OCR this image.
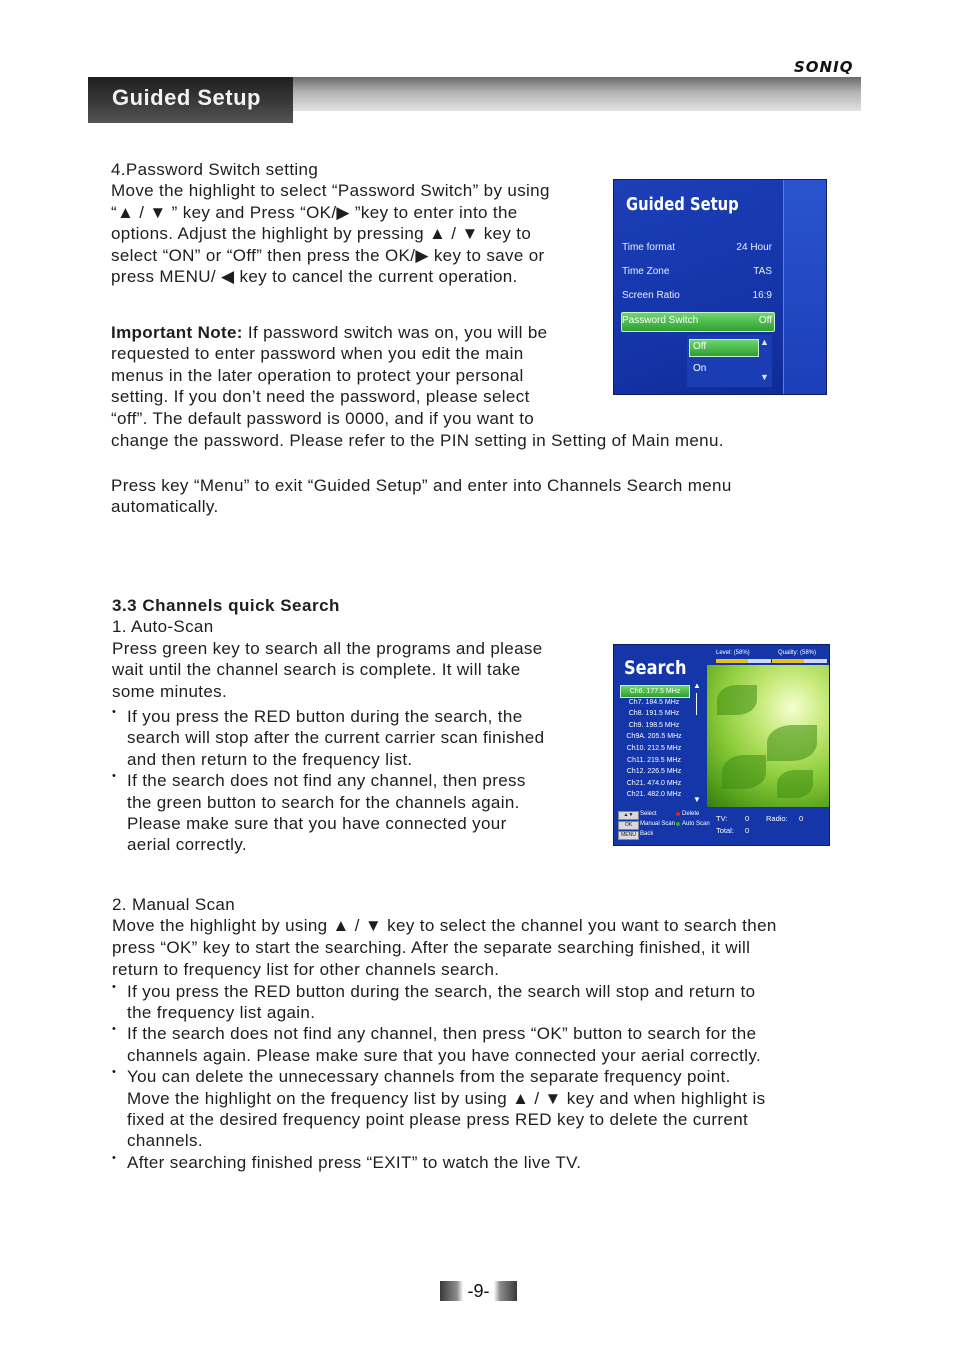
SONIQ
Guided Setup

4.Password Switch setting

Move the highlight to select “Password Switch” by using

“▲ / ▼ ” key and Press “OK/▶ ”key to enter into the

options. Adjust the highlight by pressing ▲ / ▼ key to

select “ON” or “Off” then press the OK/▶ key to save or

press MENU/ ◀ key to cancel the current operation.

Important Note: If password switch was on, you will be

requested to enter password when you edit the main

menus in the later operation to protect your personal

setting. If you don’t need the password, please select

“off”. The default password is 0000, and if you want to

change the password. Please refer to the PIN setting in Setting of Main menu.

Press key “Menu” to exit “Guided Setup” and enter into Channels Search menu

automatically.

Guided Setup
Time format	24 Hour
Time Zone	TAS
Screen Ratio	16:9
Password Switch	Off
Off
On
▲
▼

3.3 Channels quick Search

1. Auto-Scan

Press green key to search all the programs and please

wait until the channel search is complete. It will take

some minutes.

• If you press the RED button during the search, the

search will stop after the current carrier scan finished

and then return to the frequency list.

• If the search does not find any channel, then press

the green button to search for the channels again.

Please make sure that you have connected your

aerial correctly.

Search
Level: (58%)	Quality: (58%)
Ch6. 177.5 MHz
Ch7. 184.5 MHz
Ch8. 191.5 MHz
Ch9. 198.5 MHz
Ch9A. 205.5 MHz
Ch10. 212.5 MHz
Ch11. 219.5 MHz
Ch12. 226.5 MHz
Ch21. 474.0 MHz
Ch21. 482.0 MHz
▲
▼
▲▼	Select
OK	Manual Scan
MENU Back
Delete
Auto Scan
TV: 0 Radio: 0
Total: 0

2. Manual Scan

Move the highlight by using ▲ / ▼ key to select the channel you want to search then

press “OK” key to start the searching. After the separate searching finished, it will

return to frequency list for other channels search.

• If you press the RED button during the search, the search will stop and return to

the frequency list again.

• If the search does not find any channel, then press “OK” button to search for the

channels again. Please make sure that you have connected your aerial correctly.

• You can delete the unnecessary channels from the separate frequency point.

Move the highlight on the frequency list by using ▲ / ▼ key and when highlight is

fixed at the desired frequency point please press RED key to delete the current

channels.

• After searching finished press “EXIT” to watch the live TV.

-9-
